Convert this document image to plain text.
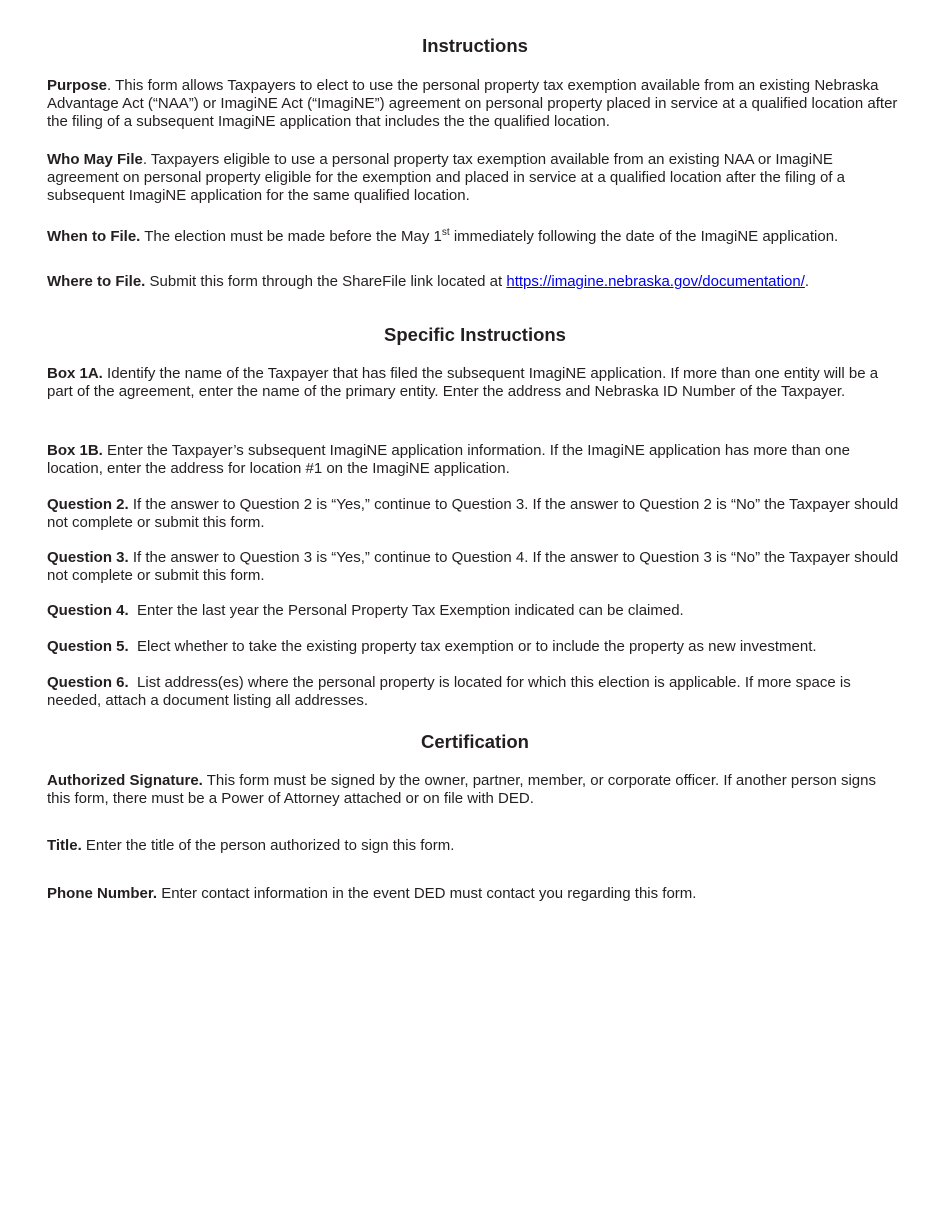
Instructions

Purpose. This form allows Taxpayers to elect to use the personal property tax exemption available from an existing Nebraska Advantage Act (“NAA”) or ImagiNE Act (“ImagiNE”) agreement on personal property placed in service at a qualified location after the filing of a subsequent ImagiNE application that includes the the qualified location.

Who May File. Taxpayers eligible to use a personal property tax exemption available from an existing NAA or ImagiNE agreement on personal property eligible for the exemption and placed in service at a qualified location after the filing of a subsequent ImagiNE application for the same qualified location.

When to File. The election must be made before the May 1st immediately following the date of the ImagiNE application.

Where to File. Submit this form through the ShareFile link located at https://imagine.nebraska.gov/documentation/.

Specific Instructions

Box 1A. Identify the name of the Taxpayer that has filed the subsequent ImagiNE application. If more than one entity will be a part of the agreement, enter the name of the primary entity. Enter the address and Nebraska ID Number of the Taxpayer.

Box 1B. Enter the Taxpayer’s subsequent ImagiNE application information. If the ImagiNE application has more than one location, enter the address for location #1 on the ImagiNE application.

Question 2. If the answer to Question 2 is “Yes,” continue to Question 3. If the answer to Question 2 is “No” the Taxpayer should not complete or submit this form.

Question 3. If the answer to Question 3 is “Yes,” continue to Question 4. If the answer to Question 3 is “No” the Taxpayer should not complete or submit this form.

Question 4.  Enter the last year the Personal Property Tax Exemption indicated can be claimed.

Question 5.  Elect whether to take the existing property tax exemption or to include the property as new investment.

Question 6.  List address(es) where the personal property is located for which this election is applicable. If more space is needed, attach a document listing all addresses.

Certification

Authorized Signature. This form must be signed by the owner, partner, member, or corporate officer. If another person signs this form, there must be a Power of Attorney attached or on file with DED.

Title. Enter the title of the person authorized to sign this form.

Phone Number. Enter contact information in the event DED must contact you regarding this form.
